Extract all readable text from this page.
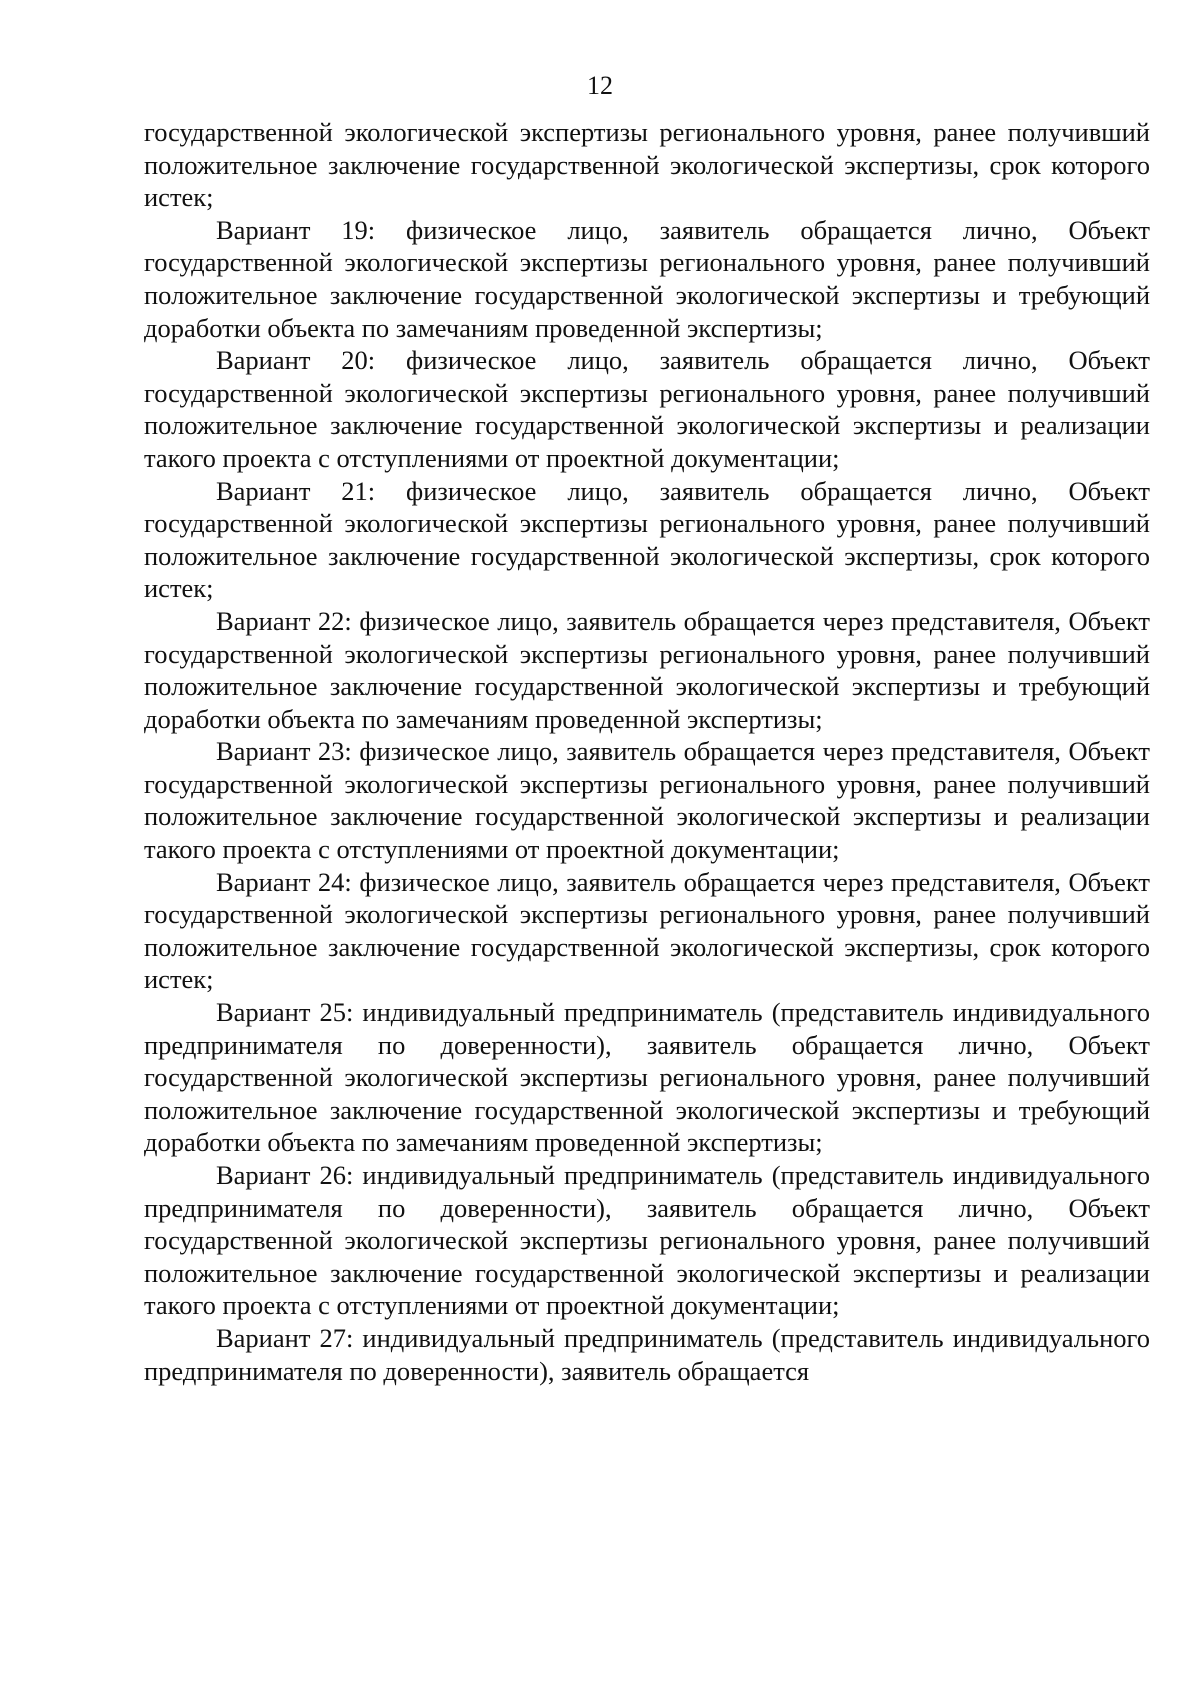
12

государственной экологической экспертизы регионального уровня, ранее получивший положительное заключение государственной экологической экспертизы, срок которого истек;

Вариант 19: физическое лицо, заявитель обращается лично, Объект государственной экологической экспертизы регионального уровня, ранее получивший положительное заключение государственной экологической экспертизы и требующий доработки объекта по замечаниям проведенной экспертизы;

Вариант 20: физическое лицо, заявитель обращается лично, Объект государственной экологической экспертизы регионального уровня, ранее получивший положительное заключение государственной экологической экспертизы и реализации такого проекта с отступлениями от проектной документации;

Вариант 21: физическое лицо, заявитель обращается лично, Объект государственной экологической экспертизы регионального уровня, ранее получивший положительное заключение государственной экологической экспертизы, срок которого истек;

Вариант 22: физическое лицо, заявитель обращается через представителя, Объект государственной экологической экспертизы регионального уровня, ранее получивший положительное заключение государственной экологической экспертизы и требующий доработки объекта по замечаниям проведенной экспертизы;

Вариант 23: физическое лицо, заявитель обращается через представителя, Объект государственной экологической экспертизы регионального уровня, ранее получивший положительное заключение государственной экологической экспертизы и реализации такого проекта с отступлениями от проектной документации;

Вариант 24: физическое лицо, заявитель обращается через представителя, Объект государственной экологической экспертизы регионального уровня, ранее получивший положительное заключение государственной экологической экспертизы, срок которого истек;

Вариант 25: индивидуальный предприниматель (представитель индивидуального предпринимателя по доверенности), заявитель обращается лично, Объект государственной экологической экспертизы регионального уровня, ранее получивший положительное заключение государственной экологической экспертизы и требующий доработки объекта по замечаниям проведенной экспертизы;

Вариант 26: индивидуальный предприниматель (представитель индивидуального предпринимателя по доверенности), заявитель обращается лично, Объект государственной экологической экспертизы регионального уровня, ранее получивший положительное заключение государственной экологической экспертизы и реализации такого проекта с отступлениями от проектной документации;

Вариант 27: индивидуальный предприниматель (представитель индивидуального предпринимателя по доверенности), заявитель обращается
